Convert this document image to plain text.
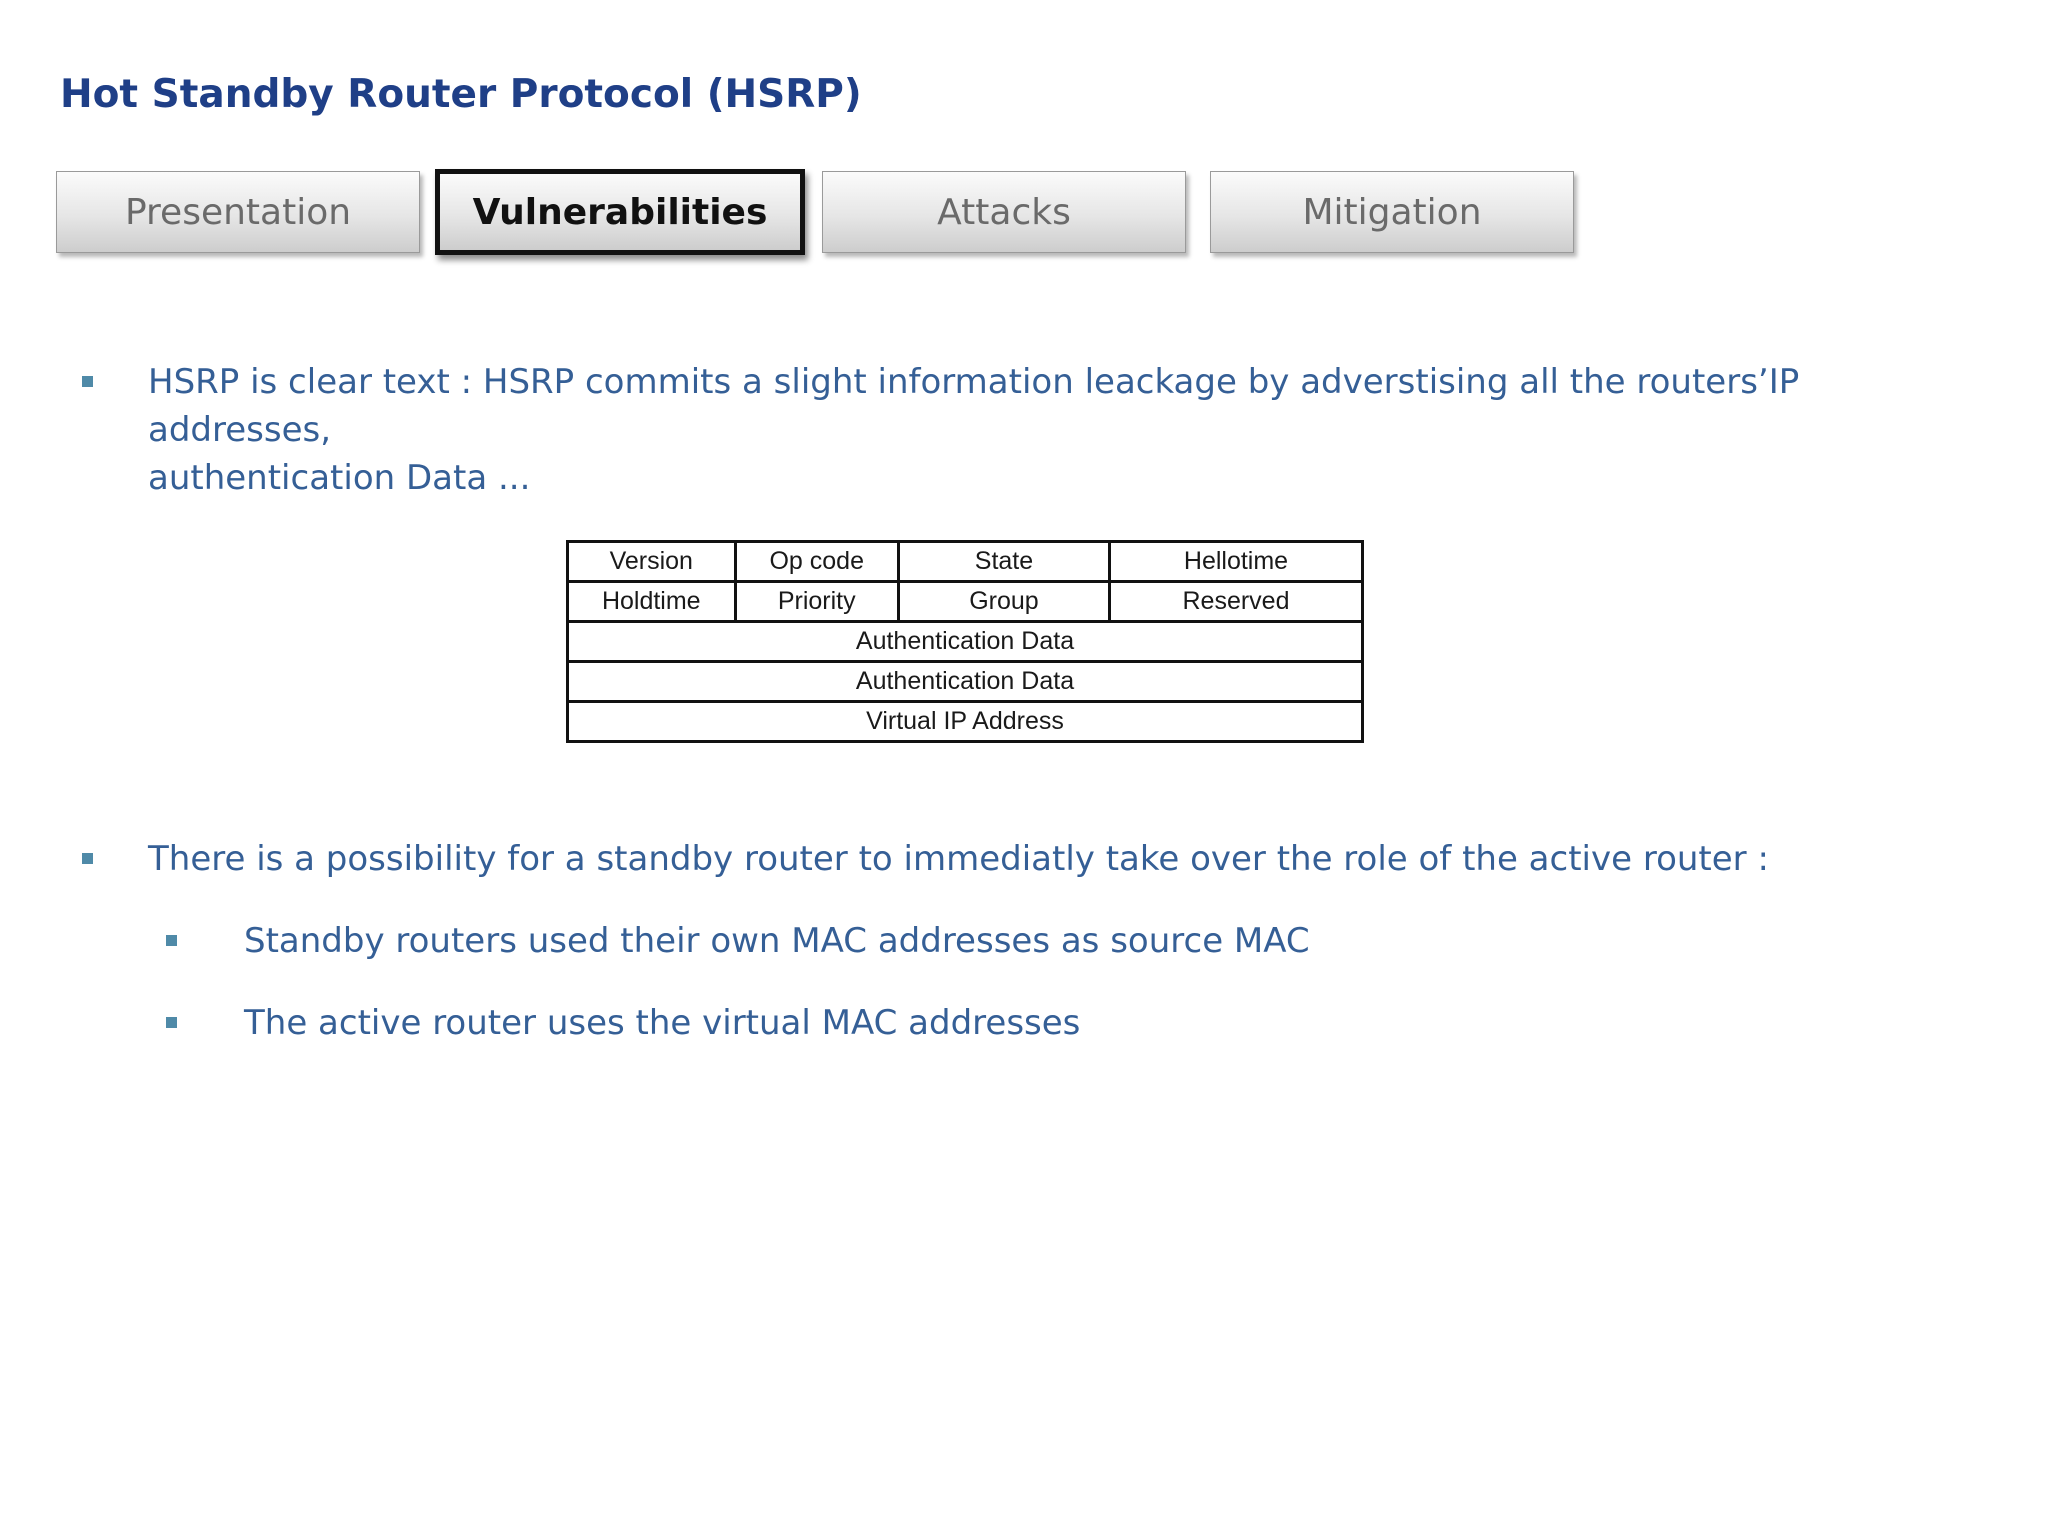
Hot Standby Router Protocol (HSRP)
Presentation	Vulnerabilities	Attacks	Mitigation
HSRP is clear text : HSRP commits a slight information leackage by adverstising all the routers’IP addresses,
authentication Data ...
There is a possibility for a standby router to immediatly take over the role of the active router :
Standby routers used their own MAC addresses as source MAC
The active router uses the virtual MAC addresses
Version	Op code	State	Hellotime
Holdtime	Priority	Group	Reserved
Authentication Data			
Authentication Data			
Virtual IP Address			
